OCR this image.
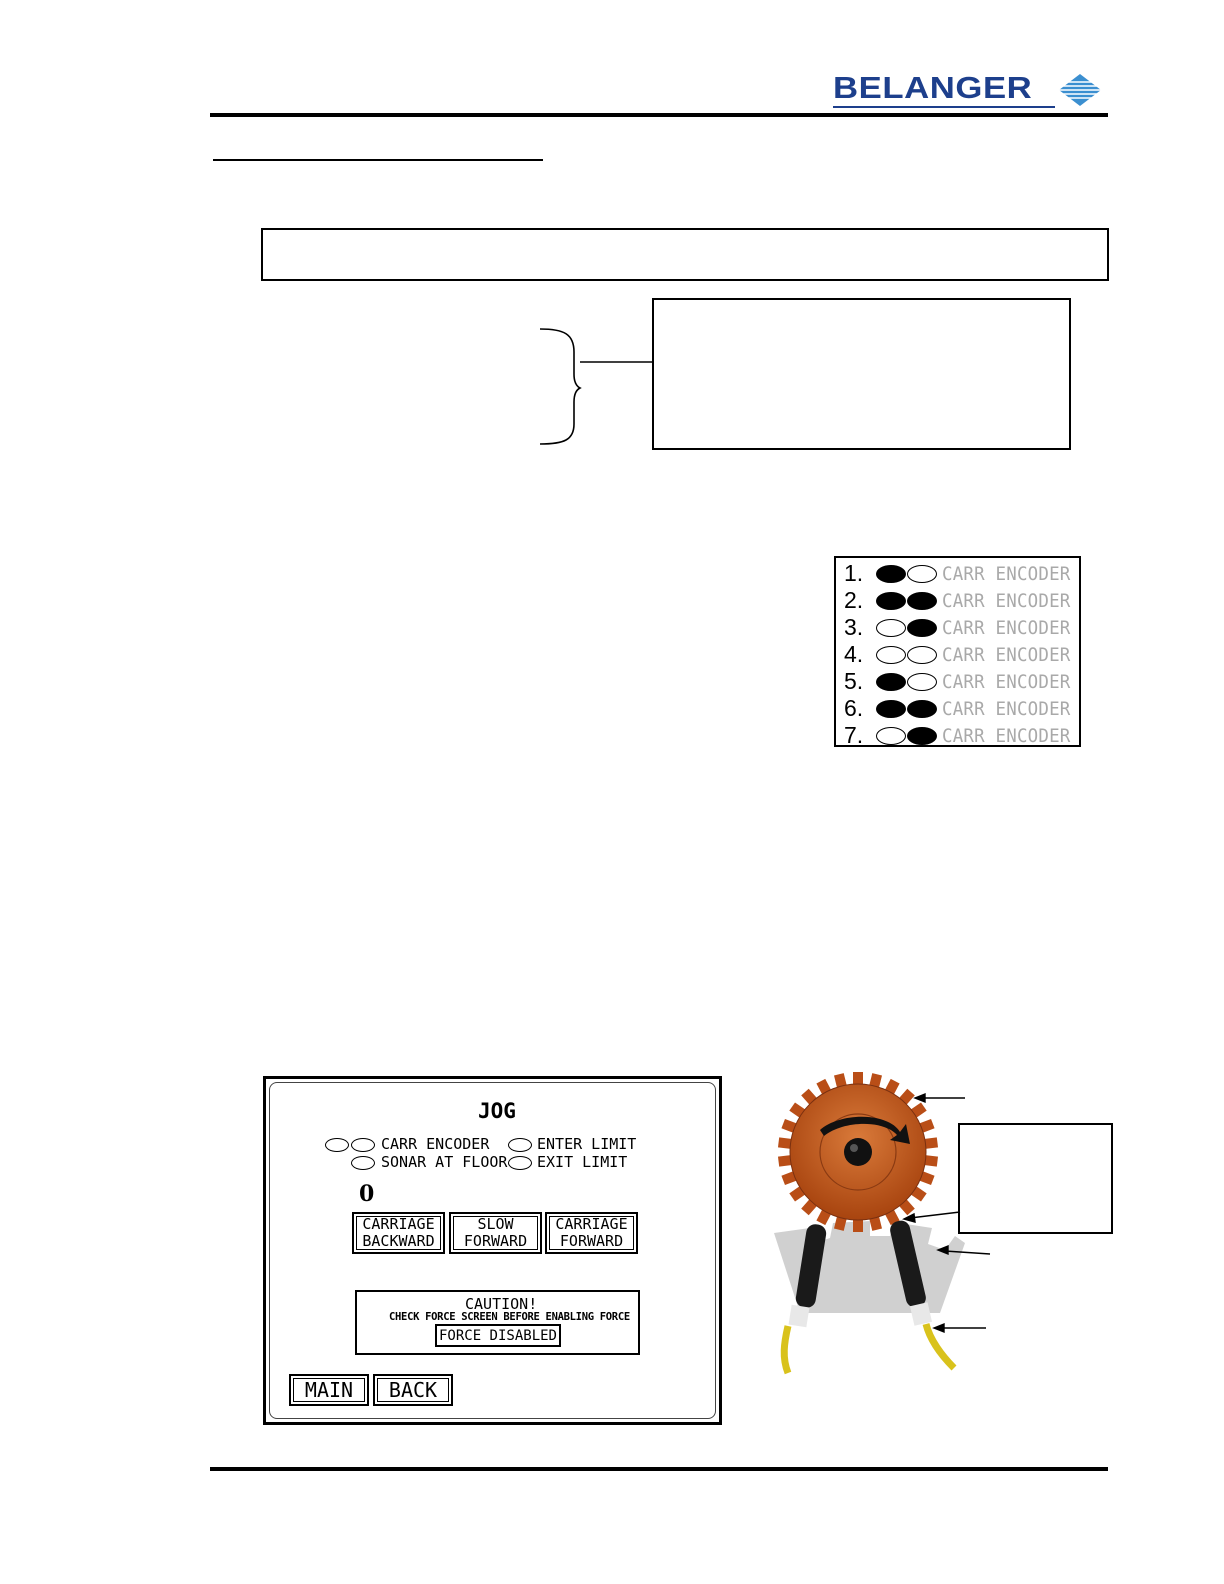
BELANGER
1.	CARR ENCODER
2.	CARR ENCODER
3.	CARR ENCODER
4.	CARR ENCODER
5.	CARR ENCODER
6.	CARR ENCODER
7.	CARR ENCODER
JOG
CARR ENCODER
SONAR AT FLOOR
ENTER LIMIT
EXIT LIMIT
0
CARRIAGE
BACKWARD
SLOW
FORWARD
CARRIAGE
FORWARD
CAUTION!
CHECK FORCE SCREEN BEFORE ENABLING FORCE
FORCE DISABLED
MAIN	BACK
